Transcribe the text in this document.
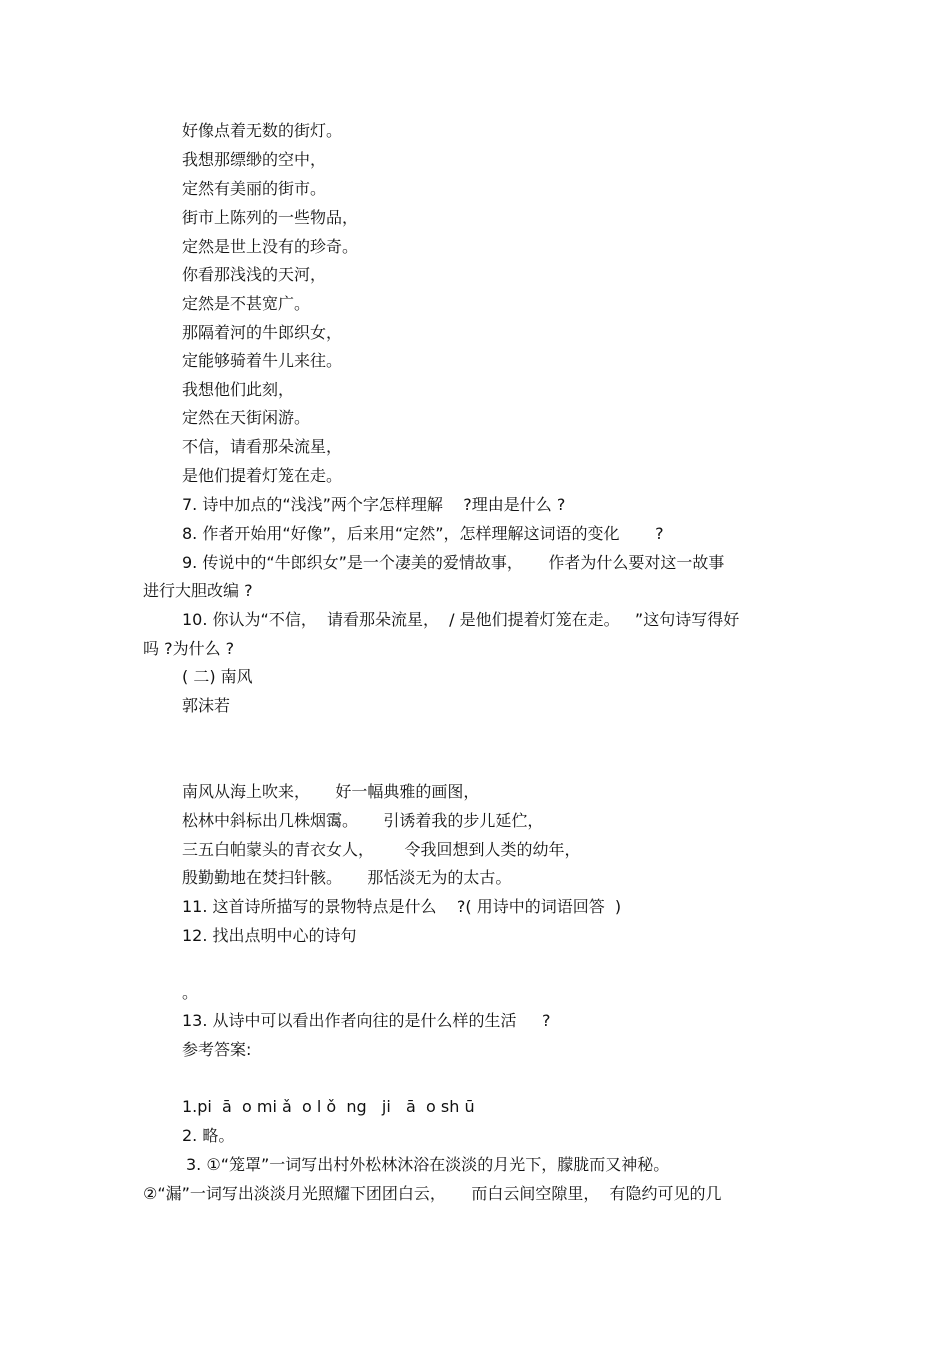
好像点着无数的街灯。
我想那缥缈的空中，
定然有美丽的街市。
街市上陈列的一些物品，
定然是世上没有的珍奇。
你看那浅浅的天河，
定然是不甚宽广。
那隔着河的牛郎织女，
定能够骑着牛儿来往。
我想他们此刻，
定然在天街闲游。
不信，请看那朵流星，
是他们提着灯笼在走。
7. 诗中加点的“浅浅”两个字怎样理解    ?理由是什么 ?
8. 作者开始用“好像”，后来用“定然”，怎样理解这词语的变化       ?
9. 传说中的“牛郎织女”是一个凄美的爱情故事，     作者为什么要对这一故事
进行大胆改编 ?
10. 你认为“不信，  请看那朵流星，  / 是他们提着灯笼在走。   ”这句诗写得好
吗 ?为什么 ?
( 二) 南风
郭沫若
南风从海上吹来，     好一幅典雅的画图，
松林中斜标出几株烟霭。     引诱着我的步儿延伫，
三五白帕蒙头的青衣女人，      令我回想到人类的幼年，
殷勤勤地在焚扫针骸。     那恬淡无为的太古。
11. 这首诗所描写的景物特点是什么    ?( 用诗中的词语回答  )
12. 找出点明中心的诗句
。
13. 从诗中可以看出作者向往的是什么样的生活     ?
参考答案:
1.pi  ā  o mi ǎ  o l ǒ  ng   ji   ā  o sh ū
2. 略。
3. ①“笼罩”一词写出村外松林沐浴在淡淡的月光下，朦胧而又神秘。
②“漏”一词写出淡淡月光照耀下团团白云，     而白云间空隙里，  有隐约可见的几
